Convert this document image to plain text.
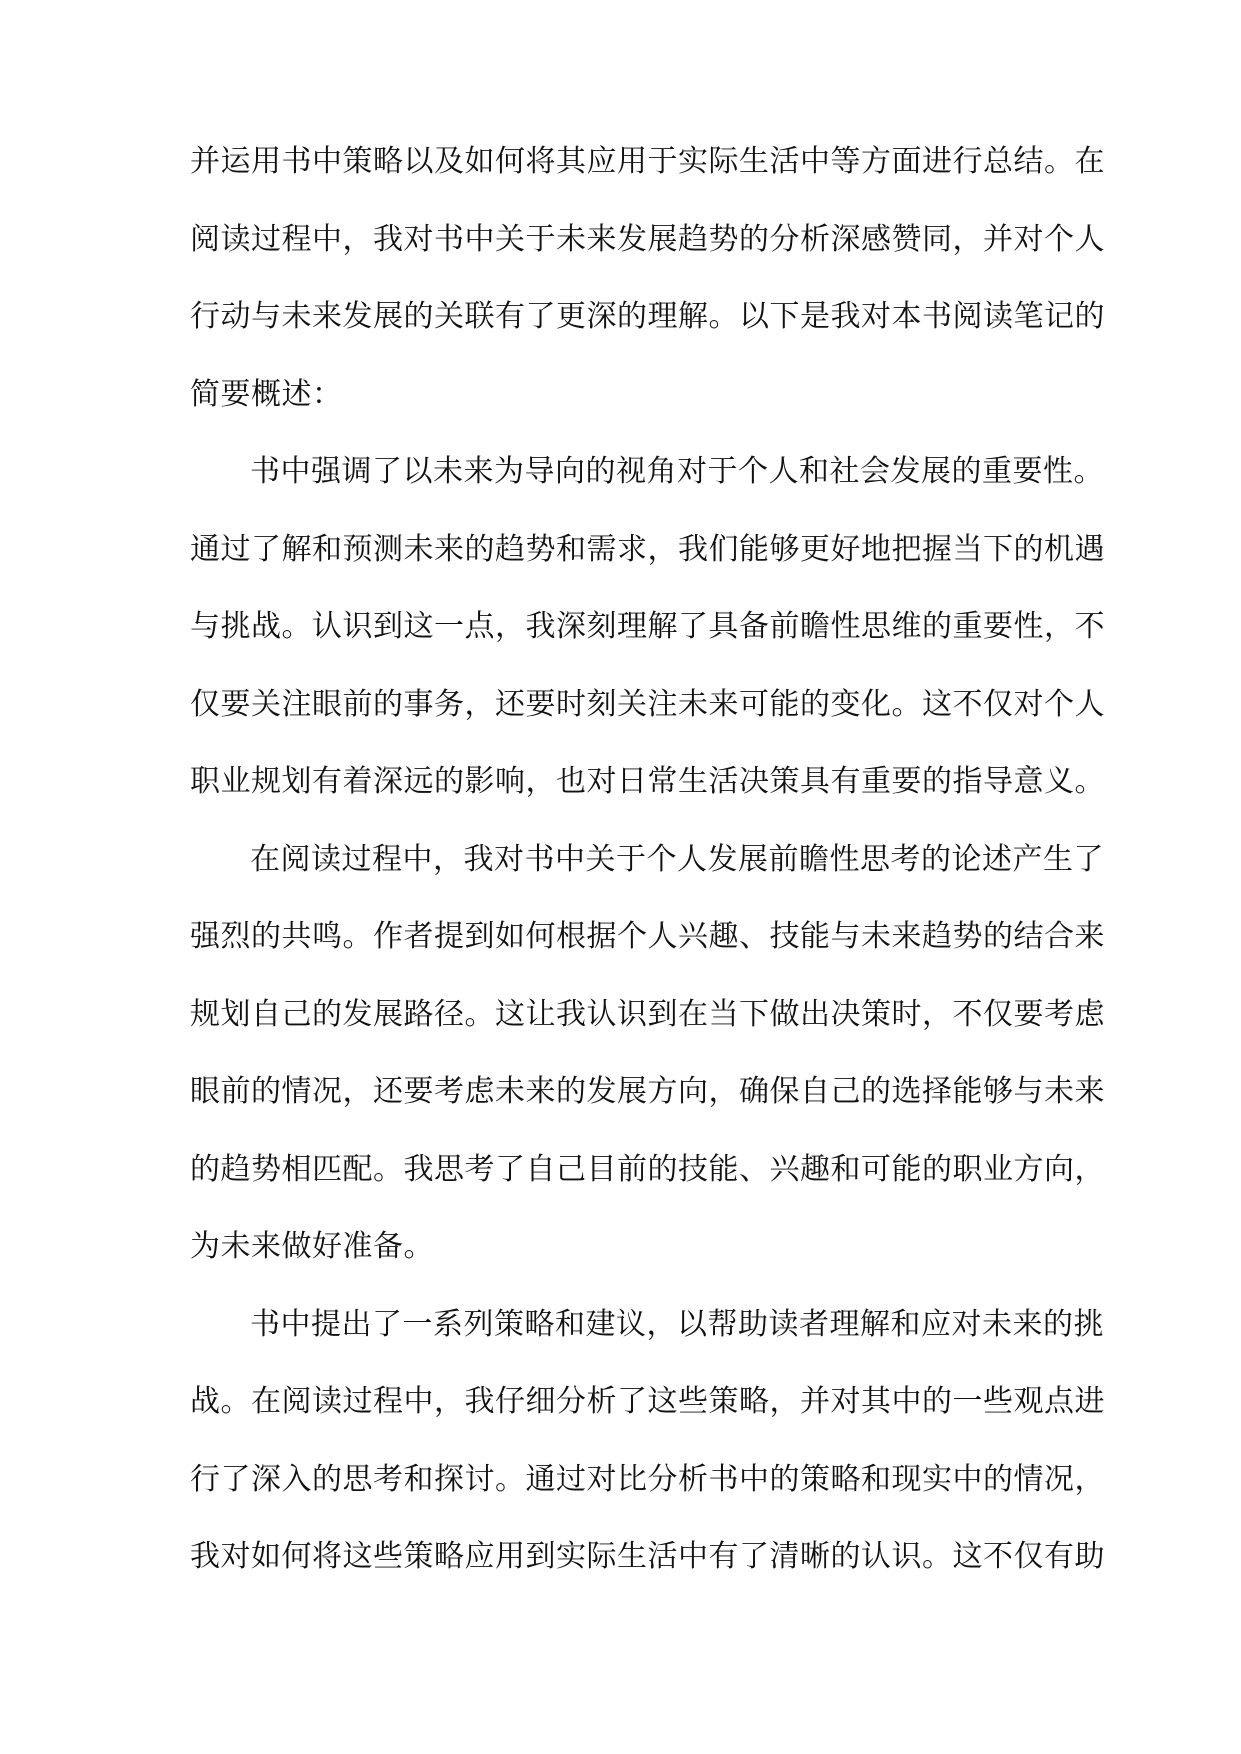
并运用书中策略以及如何将其应用于实际生活中等方面进行总结。在
阅读过程中，我对书中关于未来发展趋势的分析深感赞同，并对个人
行动与未来发展的关联有了更深的理解。以下是我对本书阅读笔记的
简要概述：
书中强调了以未来为导向的视角对于个人和社会发展的重要性。
通过了解和预测未来的趋势和需求，我们能够更好地把握当下的机遇
与挑战。认识到这一点，我深刻理解了具备前瞻性思维的重要性，不
仅要关注眼前的事务，还要时刻关注未来可能的变化。这不仅对个人
职业规划有着深远的影响，也对日常生活决策具有重要的指导意义。
在阅读过程中，我对书中关于个人发展前瞻性思考的论述产生了
强烈的共鸣。作者提到如何根据个人兴趣、技能与未来趋势的结合来
规划自己的发展路径。这让我认识到在当下做出决策时，不仅要考虑
眼前的情况，还要考虑未来的发展方向，确保自己的选择能够与未来
的趋势相匹配。我思考了自己目前的技能、兴趣和可能的职业方向，
为未来做好准备。
书中提出了一系列策略和建议，以帮助读者理解和应对未来的挑
战。在阅读过程中，我仔细分析了这些策略，并对其中的一些观点进
行了深入的思考和探讨。通过对比分析书中的策略和现实中的情况，
我对如何将这些策略应用到实际生活中有了清晰的认识。这不仅有助
